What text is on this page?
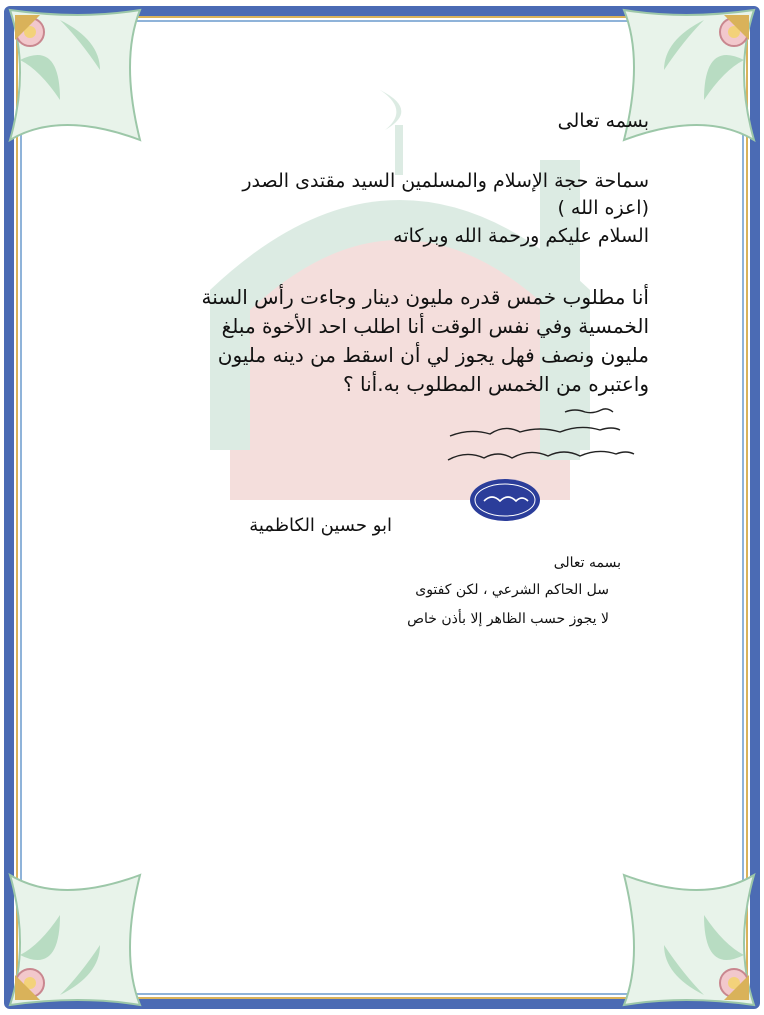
بسمه تعالى
سماحة حجة الإسلام والمسلمين السيد مقتدى الصدر (اعزه الله )
السلام عليكم ورحمة الله وبركاته
أنا مطلوب خمس قدره مليون دينار وجاءت رأس السنة الخمسية وفي نفس الوقت أنا اطلب احد الأخوة مبلغ مليون ونصف فهل يجوز لي أن اسقط من دينه مليون واعتبره من الخمس المطلوب به.أنا ؟
ابو حسين الكاظمية
بسمه تعالى
سل الحاكم الشرعي ، لكن كفتوى
لا يجوز حسب الظاهر إلا بأذن خاص
